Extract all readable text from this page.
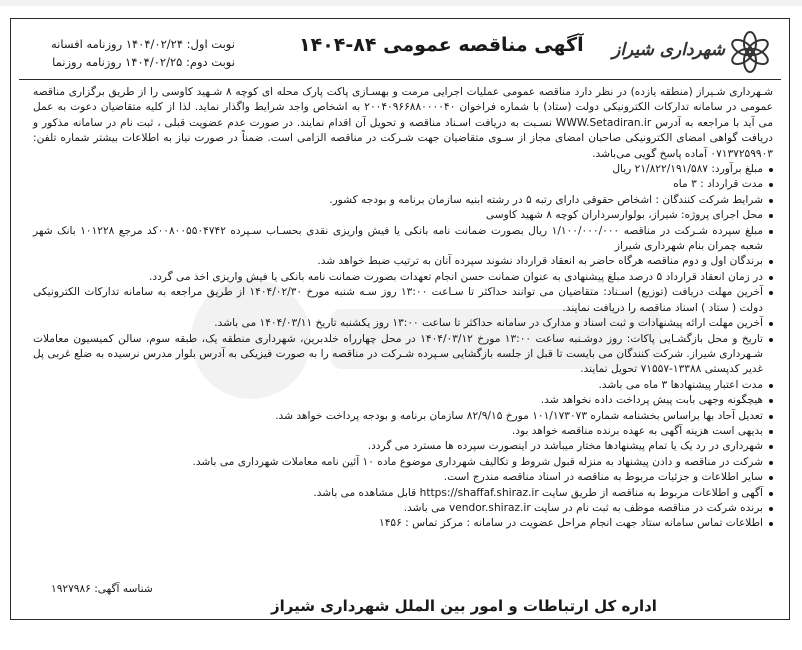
شهرداری شیراز
آگهی مناقصه عمومی ۸۴-۱۴۰۴
نوبت اول: ۱۴۰۴/۰۲/۲۴ روزنامه افسانه
نوبت دوم: ۱۴۰۴/۰۲/۲۵ روزنامه روزنما

شـهرداری شـیراز (منطقه یازده) در نظر دارد مناقصه عمومی عملیات اجرایی مرمت و بهسـازی پاکت پارک محله ای کوچه ۸ شـهید کاوسی را از طریق برگزاری مناقصه عمومی در سامانه تدارکات الکترونیکی دولت (ستاد) با شماره فراخوان ۲۰۰۴۰۹۶۶۸۸۰۰۰۰۴۰ به اشخاص واجد شرایط واگذار نماید. لذا از کلیه متقاضیان دعوت به عمل می آید با مراجعه به آدرس WWW.Setadiran.ir نسـبت به دریافت اسـناد مناقصه و تحویل آن اقدام نمایند. در صورت عدم عضویت قبلی ، ثبت نام در سامانه مذکور و دریافت گواهی امضای الکترونیکی صاحبان امضای مجاز از سـوی متقاضیان جهت شـرکت در مناقصه الزامی است. ضمناً در صورت نیاز به اطلاعات بیشتر شماره تلفن: ۰۷۱۳۷۲۵۹۹۰۳ آماده پاسخ گویی می‌باشد.

مبلغ برآورد: ۲۱/۸۲۲/۱۹۱/۵۸۷ ریال
مدت قرارداد : ۳ ماه
شرایط شرکت کنندگان : اشخاص حقوقی دارای رتبه ۵ در رشته ابنیه سازمان برنامه و بودجه کشور.
محل اجرای پروژه: شیراز، بولوارسرداران کوچه ۸ شهید کاوسی
مبلغ سپرده شـرکت در مناقصه ۱/۱۰۰/۰۰۰/۰۰۰ ریال بصورت ضمانت نامه بانکی یا فیش واریزی نقدی بحسـاب سـپرده ۰۰۸۰۰۵۵۰۴۷۴۲کد مرجع ۱۰۱۲۲۸ بانک شهر شعبه چمران بنام شهرداری شیراز
برندگان اول و دوم مناقصه هرگاه حاضر به انعقاد قرارداد نشوند سپرده آنان به ترتیب ضبط خواهد شد.
در زمان انعقاد قرارداد ۵ درصد مبلغ پیشنهادی به عنوان ضمانت حسن انجام تعهدات بصورت ضمانت نامه بانکی یا فیش واریزی اخذ می گردد.
آخرین مهلت دریافت (توزیع) اسـناد: متقاضیان می توانند حداکثر تا سـاعت ۱۳:۰۰ روز سـه شنبه مورخ ۱۴۰۴/۰۲/۳۰ از طریق مراجعه به سامانه تدارکات الکترونیکی دولت ( ستاد ) اسناد مناقصه را دریافت نمایند.
آخرین مهلت ارائه پیشنهادات و ثبت اسناد و مدارک در سامانه حداکثر تا ساعت ۱۳:۰۰ روز یکشنبه تاریخ ۱۴۰۴/۰۳/۱۱ می باشد.
تاریخ و محل بازگشـایی پاکات: روز دوشـنبه ساعت ۱۳:۰۰ مورخ ۱۴۰۴/۰۳/۱۲ در محل چهارراه خلدبرین، شهرداری منطقه یک، طبقه سوم، سالن کمیسیون معاملات شـهرداری شیراز. شرکت کنندگان می بایست تا قبل از جلسه بازگشایی سـپرده شـرکت در مناقصه را به صورت فیزیکی به آدرس بلوار مدرس نرسیده به ضلع غربی پل غدیر کدپستی ۱۳۳۸۸-۷۱۵۵۷ تحویل نمایند.
مدت اعتبار پیشنهادها ۳ ماه می باشد.
هیچگونه وجهی بابت پیش پرداخت داده نخواهد شد.
تعدیل آحاد بها براساس بخشنامه شماره ۱۰۱/۱۷۳۰۷۳ مورخ ۸۲/۹/۱۵ سازمان برنامه و بودجه پرداخت خواهد شد.
بدیهی است هزینه آگهی به عهده برنده مناقصه خواهد بود.
شهرداری در رد یک یا تمام پیشنهادها مختار میباشد در اینصورت سپرده ها مسترد می گردد.
شرکت در مناقصه و دادن پیشنهاد به منزله قبول شروط و تکالیف شهرداری موضوع ماده ۱۰ آئین نامه معاملات شهرداری می باشد.
سایر اطلاعات و جزئیات مربوط به مناقصه در اسناد مناقصه مندرج است.
آگهی و اطلاعات مربوط به مناقصه از طریق سایت https://shaffaf.shiraz.ir قابل مشاهده می باشد.
برنده شرکت در مناقصه موظف به ثبت نام در سایت vendor.shiraz.ir می باشد.
اطلاعات تماس سامانه ستاد جهت انجام مراحل عضویت در سامانه : مرکز تماس : ۱۴۵۶
شناسه آگهی: ۱۹۲۷۹۸۶
اداره کل ارتباطات و امور بین الملل شهرداری شیراز
